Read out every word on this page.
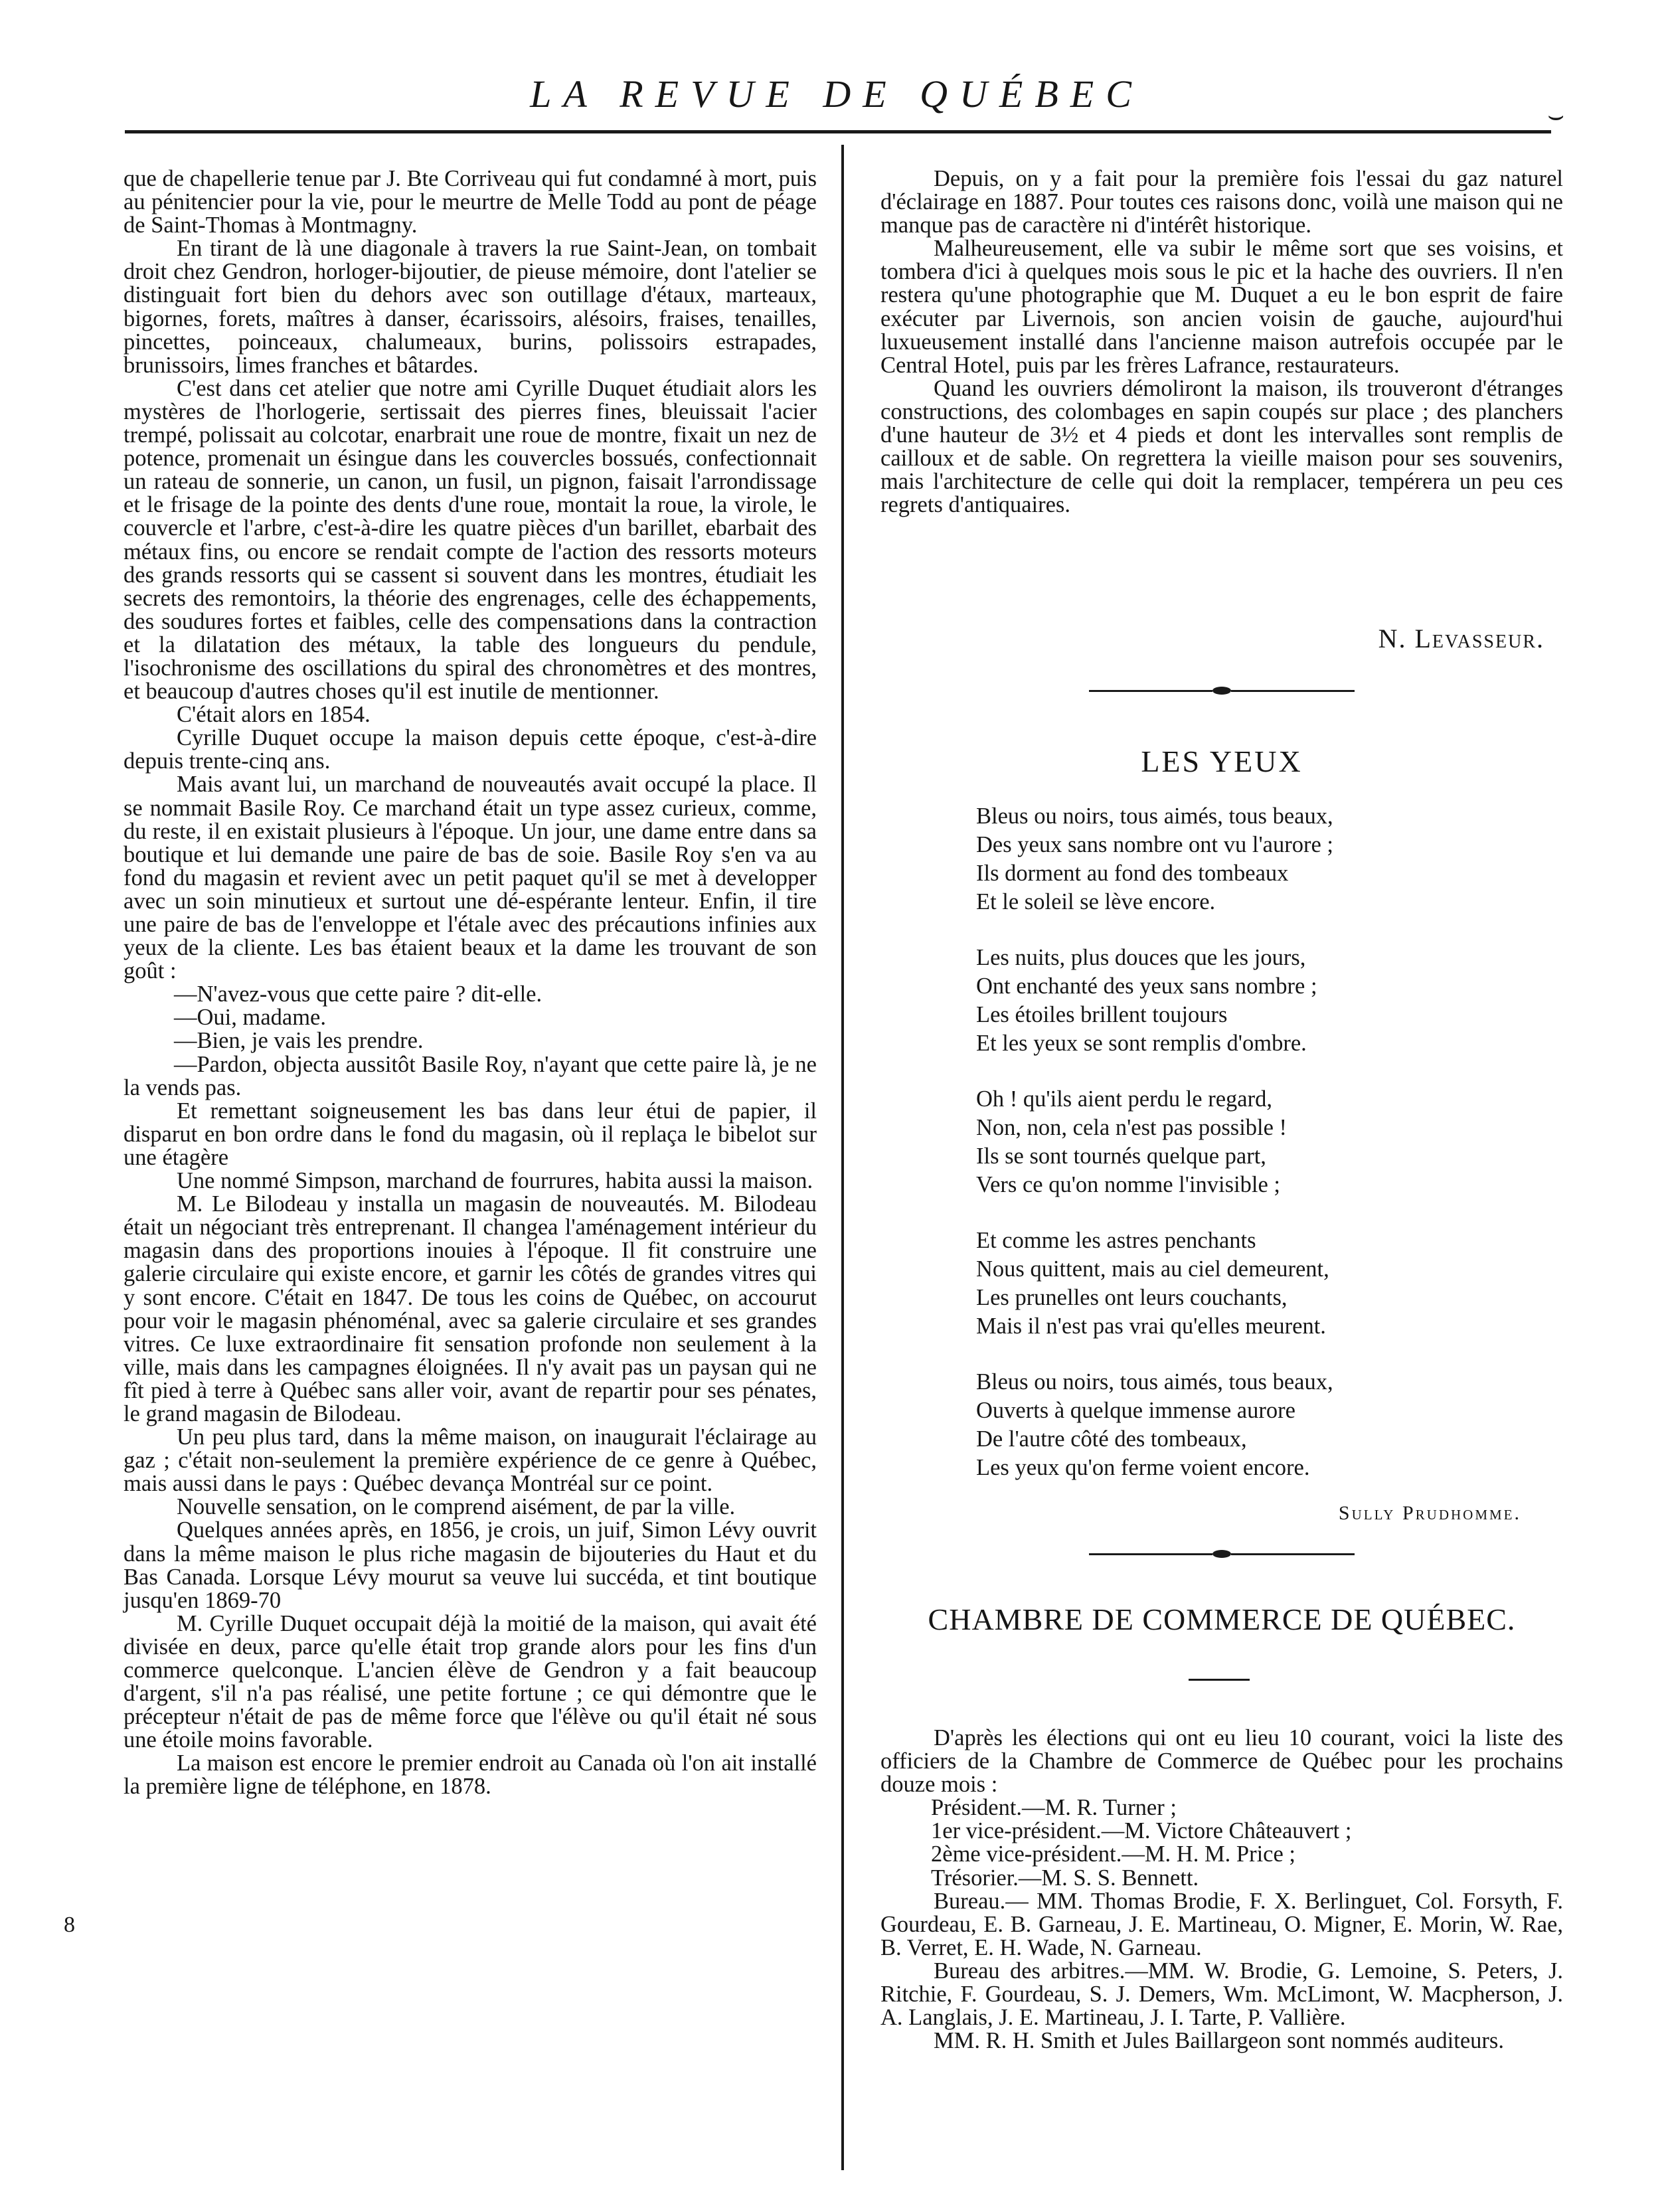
LA REVUE DE QUÉBEC	⌣

que de chapellerie tenue par J. Bte Corriveau qui fut condamné à mort, puis au pénitencier pour la vie, pour le meurtre de Melle Todd au pont de péage de Saint-Thomas à Montmagny.

En tirant de là une diagonale à travers la rue Saint-Jean, on tombait droit chez Gendron, horloger-bijoutier, de pieuse mémoire, dont l'atelier se distinguait fort bien du dehors avec son outillage d'étaux, marteaux, bigornes, forets, maîtres à danser, écarissoirs, alésoirs, fraises, tenailles, pincettes, poinceaux, chalumeaux, burins, polissoirs estrapades, brunissoirs, limes franches et bâtardes.

C'est dans cet atelier que notre ami Cyrille Duquet étudiait alors les mystères de l'horlogerie, sertissait des pierres fines, bleuissait l'acier trempé, polissait au colcotar, enarbrait une roue de montre, fixait un nez de potence, promenait un ésingue dans les couvercles bossués, confectionnait un rateau de sonnerie, un canon, un fusil, un pignon, faisait l'arrondissage et le frisage de la pointe des dents d'une roue, montait la roue, la virole, le couvercle et l'arbre, c'est-à-dire les quatre pièces d'un barillet, ebarbait des métaux fins, ou encore se rendait compte de l'action des ressorts moteurs des grands ressorts qui se cassent si souvent dans les montres, étudiait les secrets des remontoirs, la théorie des engrenages, celle des échappements, des soudures fortes et faibles, celle des compensations dans la contraction et la dilatation des métaux, la table des longueurs du pendule, l'isochronisme des oscillations du spiral des chronomètres et des montres, et beaucoup d'autres choses qu'il est inutile de mentionner.

C'était alors en 1854.

Cyrille Duquet occupe la maison depuis cette époque, c'est-à-dire depuis trente-cinq ans.

Mais avant lui, un marchand de nouveautés avait occupé la place. Il se nommait Basile Roy. Ce marchand était un type assez curieux, comme, du reste, il en existait plusieurs à l'époque. Un jour, une dame entre dans sa boutique et lui demande une paire de bas de soie. Basile Roy s'en va au fond du magasin et revient avec un petit paquet qu'il se met à developper avec un soin minutieux et surtout une dé-espérante lenteur. Enfin, il tire une paire de bas de l'enveloppe et l'étale avec des précautions infinies aux yeux de la cliente. Les bas étaient beaux et la dame les trouvant de son goût :

—N'avez-vous que cette paire ? dit-elle.

—Oui, madame.

—Bien, je vais les prendre.

—Pardon, objecta aussitôt Basile Roy, n'ayant que cette paire là, je ne la vends pas.

Et remettant soigneusement les bas dans leur étui de papier, il disparut en bon ordre dans le fond du magasin, où il replaça le bibelot sur une étagère

Une nommé Simpson, marchand de fourrures, habita aussi la maison.

M. Le Bilodeau y installa un magasin de nouveautés. M. Bilodeau était un négociant très entreprenant. Il changea l'aménagement intérieur du magasin dans des proportions inouies à l'époque. Il fit construire une galerie circulaire qui existe encore, et garnir les côtés de grandes vitres qui y sont encore. C'était en 1847. De tous les coins de Québec, on accourut pour voir le magasin phénoménal, avec sa galerie circulaire et ses grandes vitres. Ce luxe extraordinaire fit sensation profonde non seulement à la ville, mais dans les campagnes éloignées. Il n'y avait pas un paysan qui ne fît pied à terre à Québec sans aller voir, avant de repartir pour ses pénates, le grand magasin de Bilodeau.

Un peu plus tard, dans la même maison, on inaugurait l'éclairage au gaz ; c'était non-seulement la première expérience de ce genre à Québec, mais aussi dans le pays : Québec devança Montréal sur ce point.

Nouvelle sensation, on le comprend aisément, de par la ville.

Quelques années après, en 1856, je crois, un juif, Simon Lévy ouvrit dans la même maison le plus riche magasin de bijouteries du Haut et du Bas Canada. Lorsque Lévy mourut sa veuve lui succéda, et tint boutique jusqu'en 1869-70

M. Cyrille Duquet occupait déjà la moitié de la maison, qui avait été divisée en deux, parce qu'elle était trop grande alors pour les fins d'un commerce quelconque. L'ancien élève de Gendron y a fait beaucoup d'argent, s'il n'a pas réalisé, une petite fortune ; ce qui démontre que le précepteur n'était de pas de même force que l'élève ou qu'il était né sous une étoile moins favorable.

La maison est encore le premier endroit au Canada où l'on ait installé la première ligne de téléphone, en 1878.

8

Depuis, on y a fait pour la première fois l'essai du gaz naturel d'éclairage en 1887. Pour toutes ces raisons donc, voilà une maison qui ne manque pas de caractère ni d'intérêt historique.

Malheureusement, elle va subir le même sort que ses voisins, et tombera d'ici à quelques mois sous le pic et la hache des ouvriers. Il n'en restera qu'une photographie que M. Duquet a eu le bon esprit de faire exécuter par Livernois, son ancien voisin de gauche, aujourd'hui luxueusement installé dans l'ancienne maison autrefois occupée par le Central Hotel, puis par les frères Lafrance, restaurateurs.

Quand les ouvriers démoliront la maison, ils trouveront d'étranges constructions, des colombages en sapin coupés sur place ; des planchers d'une hauteur de 3½ et 4 pieds et dont les intervalles sont remplis de cailloux et de sable. On regrettera la vieille maison pour ses souvenirs, mais l'architecture de celle qui doit la remplacer, tempérera un peu ces regrets d'antiquaires.

N. Levasseur.
LES YEUX
Bleus ou noirs, tous aimés, tous beaux,
Des yeux sans nombre ont vu l'aurore ;
Ils dorment au fond des tombeaux
Et le soleil se lève encore.
Les nuits, plus douces que les jours,
Ont enchanté des yeux sans nombre ;
Les étoiles brillent toujours
Et les yeux se sont remplis d'ombre.
Oh ! qu'ils aient perdu le regard,
Non, non, cela n'est pas possible !
Ils se sont tournés quelque part,
Vers ce qu'on nomme l'invisible ;
Et comme les astres penchants
Nous quittent, mais au ciel demeurent,
Les prunelles ont leurs couchants,
Mais il n'est pas vrai qu'elles meurent.
Bleus ou noirs, tous aimés, tous beaux,
Ouverts à quelque immense aurore
De l'autre côté des tombeaux,
Les yeux qu'on ferme voient encore.
Sully Prudhomme.
CHAMBRE DE COMMERCE DE QUÉBEC.

D'après les élections qui ont eu lieu 10 courant, voici la liste des officiers de la Chambre de Commerce de Québec pour les prochains douze mois :

Président.—M. R. Turner ;

1er vice-président.—M. Victore Châteauvert ;

2ème vice-président.—M. H. M. Price ;

Trésorier.—M. S. S. Bennett.

Bureau.— MM. Thomas Brodie, F. X. Berlinguet, Col. Forsyth, F. Gourdeau, E. B. Garneau, J. E. Martineau, O. Migner, E. Morin, W. Rae, B. Verret, E. H. Wade, N. Garneau.

Bureau des arbitres.—MM. W. Brodie, G. Lemoine, S. Peters, J. Ritchie, F. Gourdeau, S. J. Demers, Wm. McLimont, W. Macpherson, J. A. Langlais, J. E. Martineau, J. I. Tarte, P. Vallière.

MM. R. H. Smith et Jules Baillargeon sont nommés auditeurs.
